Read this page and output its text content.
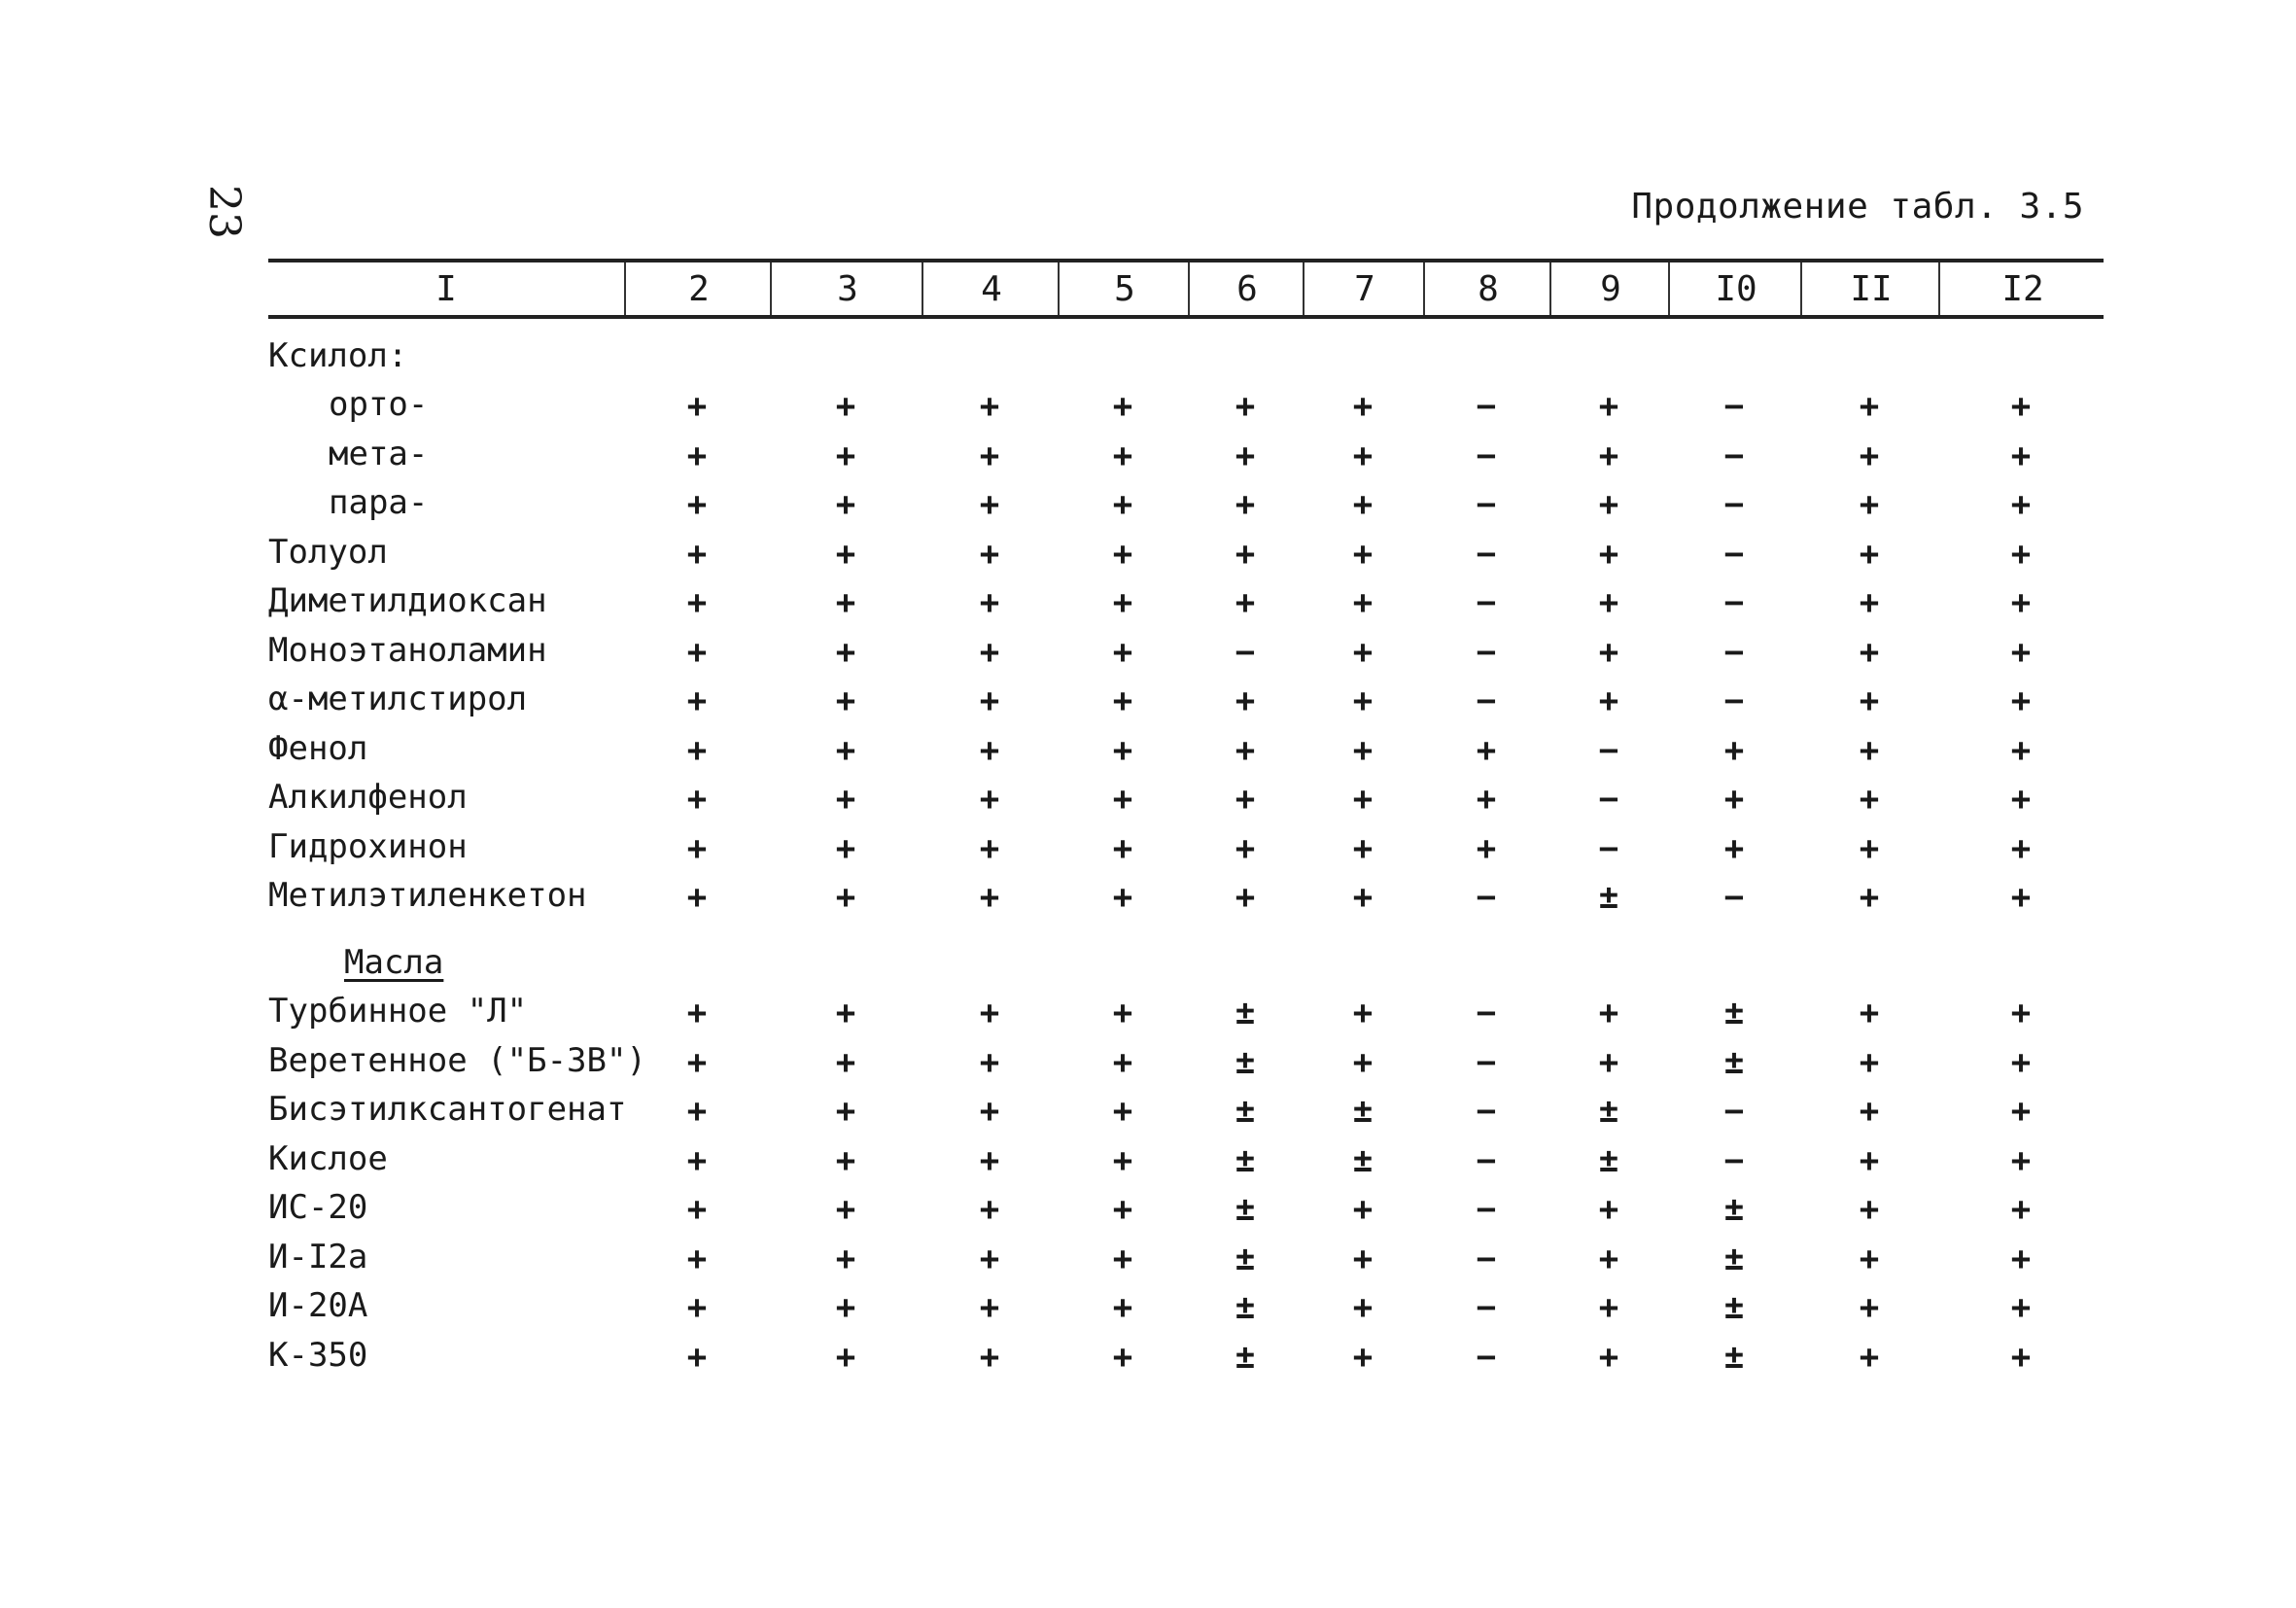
23	Продолжение табл. 3.5
I	2	3	4	5	6	7	8	9	I0	II	I2
Ксилол:
орто-	+	+	+	+	+	+	−	+	−	+	+
мета-	+	+	+	+	+	+	−	+	−	+	+
пара-	+	+	+	+	+	+	−	+	−	+	+
Толуол	+	+	+	+	+	+	−	+	−	+	+
Диметилдиоксан	+	+	+	+	+	+	−	+	−	+	+
Моноэтаноламин	+	+	+	+	−	+	−	+	−	+	+
α-метилстирол	+	+	+	+	+	+	−	+	−	+	+
Фенол	+	+	+	+	+	+	+	−	+	+	+
Алкилфенол	+	+	+	+	+	+	+	−	+	+	+
Гидрохинон	+	+	+	+	+	+	+	−	+	+	+
Метилэтиленкетон	+	+	+	+	+	+	−	±	−	+	+
Масла
Турбинное "Л"	+	+	+	+	±	+	−	+	±	+	+
Веретенное ("Б-3В")	+	+	+	+	±	+	−	+	±	+	+
Бисэтилксантогенат	+	+	+	+	±	±	−	±	−	+	+
Кислое	+	+	+	+	±	±	−	±	−	+	+
ИС-20	+	+	+	+	±	+	−	+	±	+	+
И-I2а	+	+	+	+	±	+	−	+	±	+	+
И-20А	+	+	+	+	±	+	−	+	±	+	+
К-350	+	+	+	+	±	+	−	+	±	+	+
